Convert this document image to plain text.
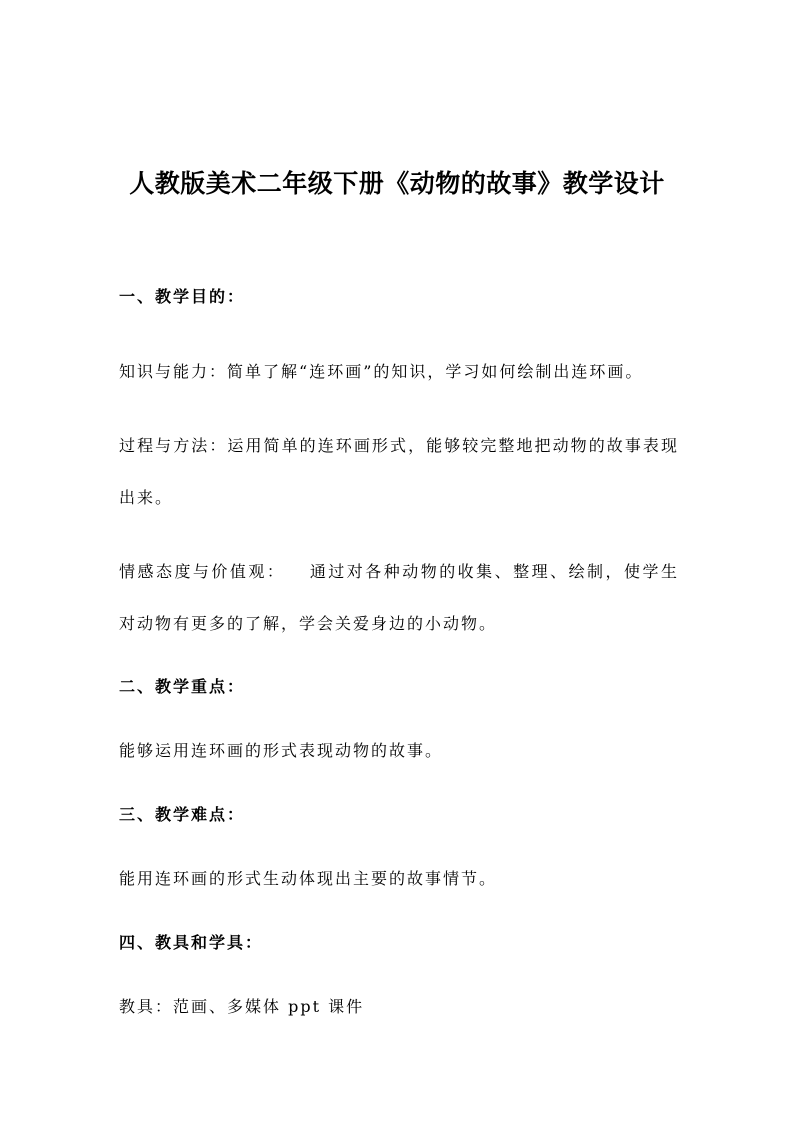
人教版美术二年级下册《动物的故事》教学设计
一、教学目的：
知识与能力：简单了解“连环画”的知识，学习如何绘制出连环画。
过程与方法：运用简单的连环画形式，能够较完整地把动物的故事表现出来。
情感态度与价值观： 通过对各种动物的收集、整理、绘制，使学生对动物有更多的了解，学会关爱身边的小动物。
二、教学重点：
能够运用连环画的形式表现动物的故事。
三、教学难点：
能用连环画的形式生动体现出主要的故事情节。
四、教具和学具：
教具：范画、多媒体 ppt 课件
